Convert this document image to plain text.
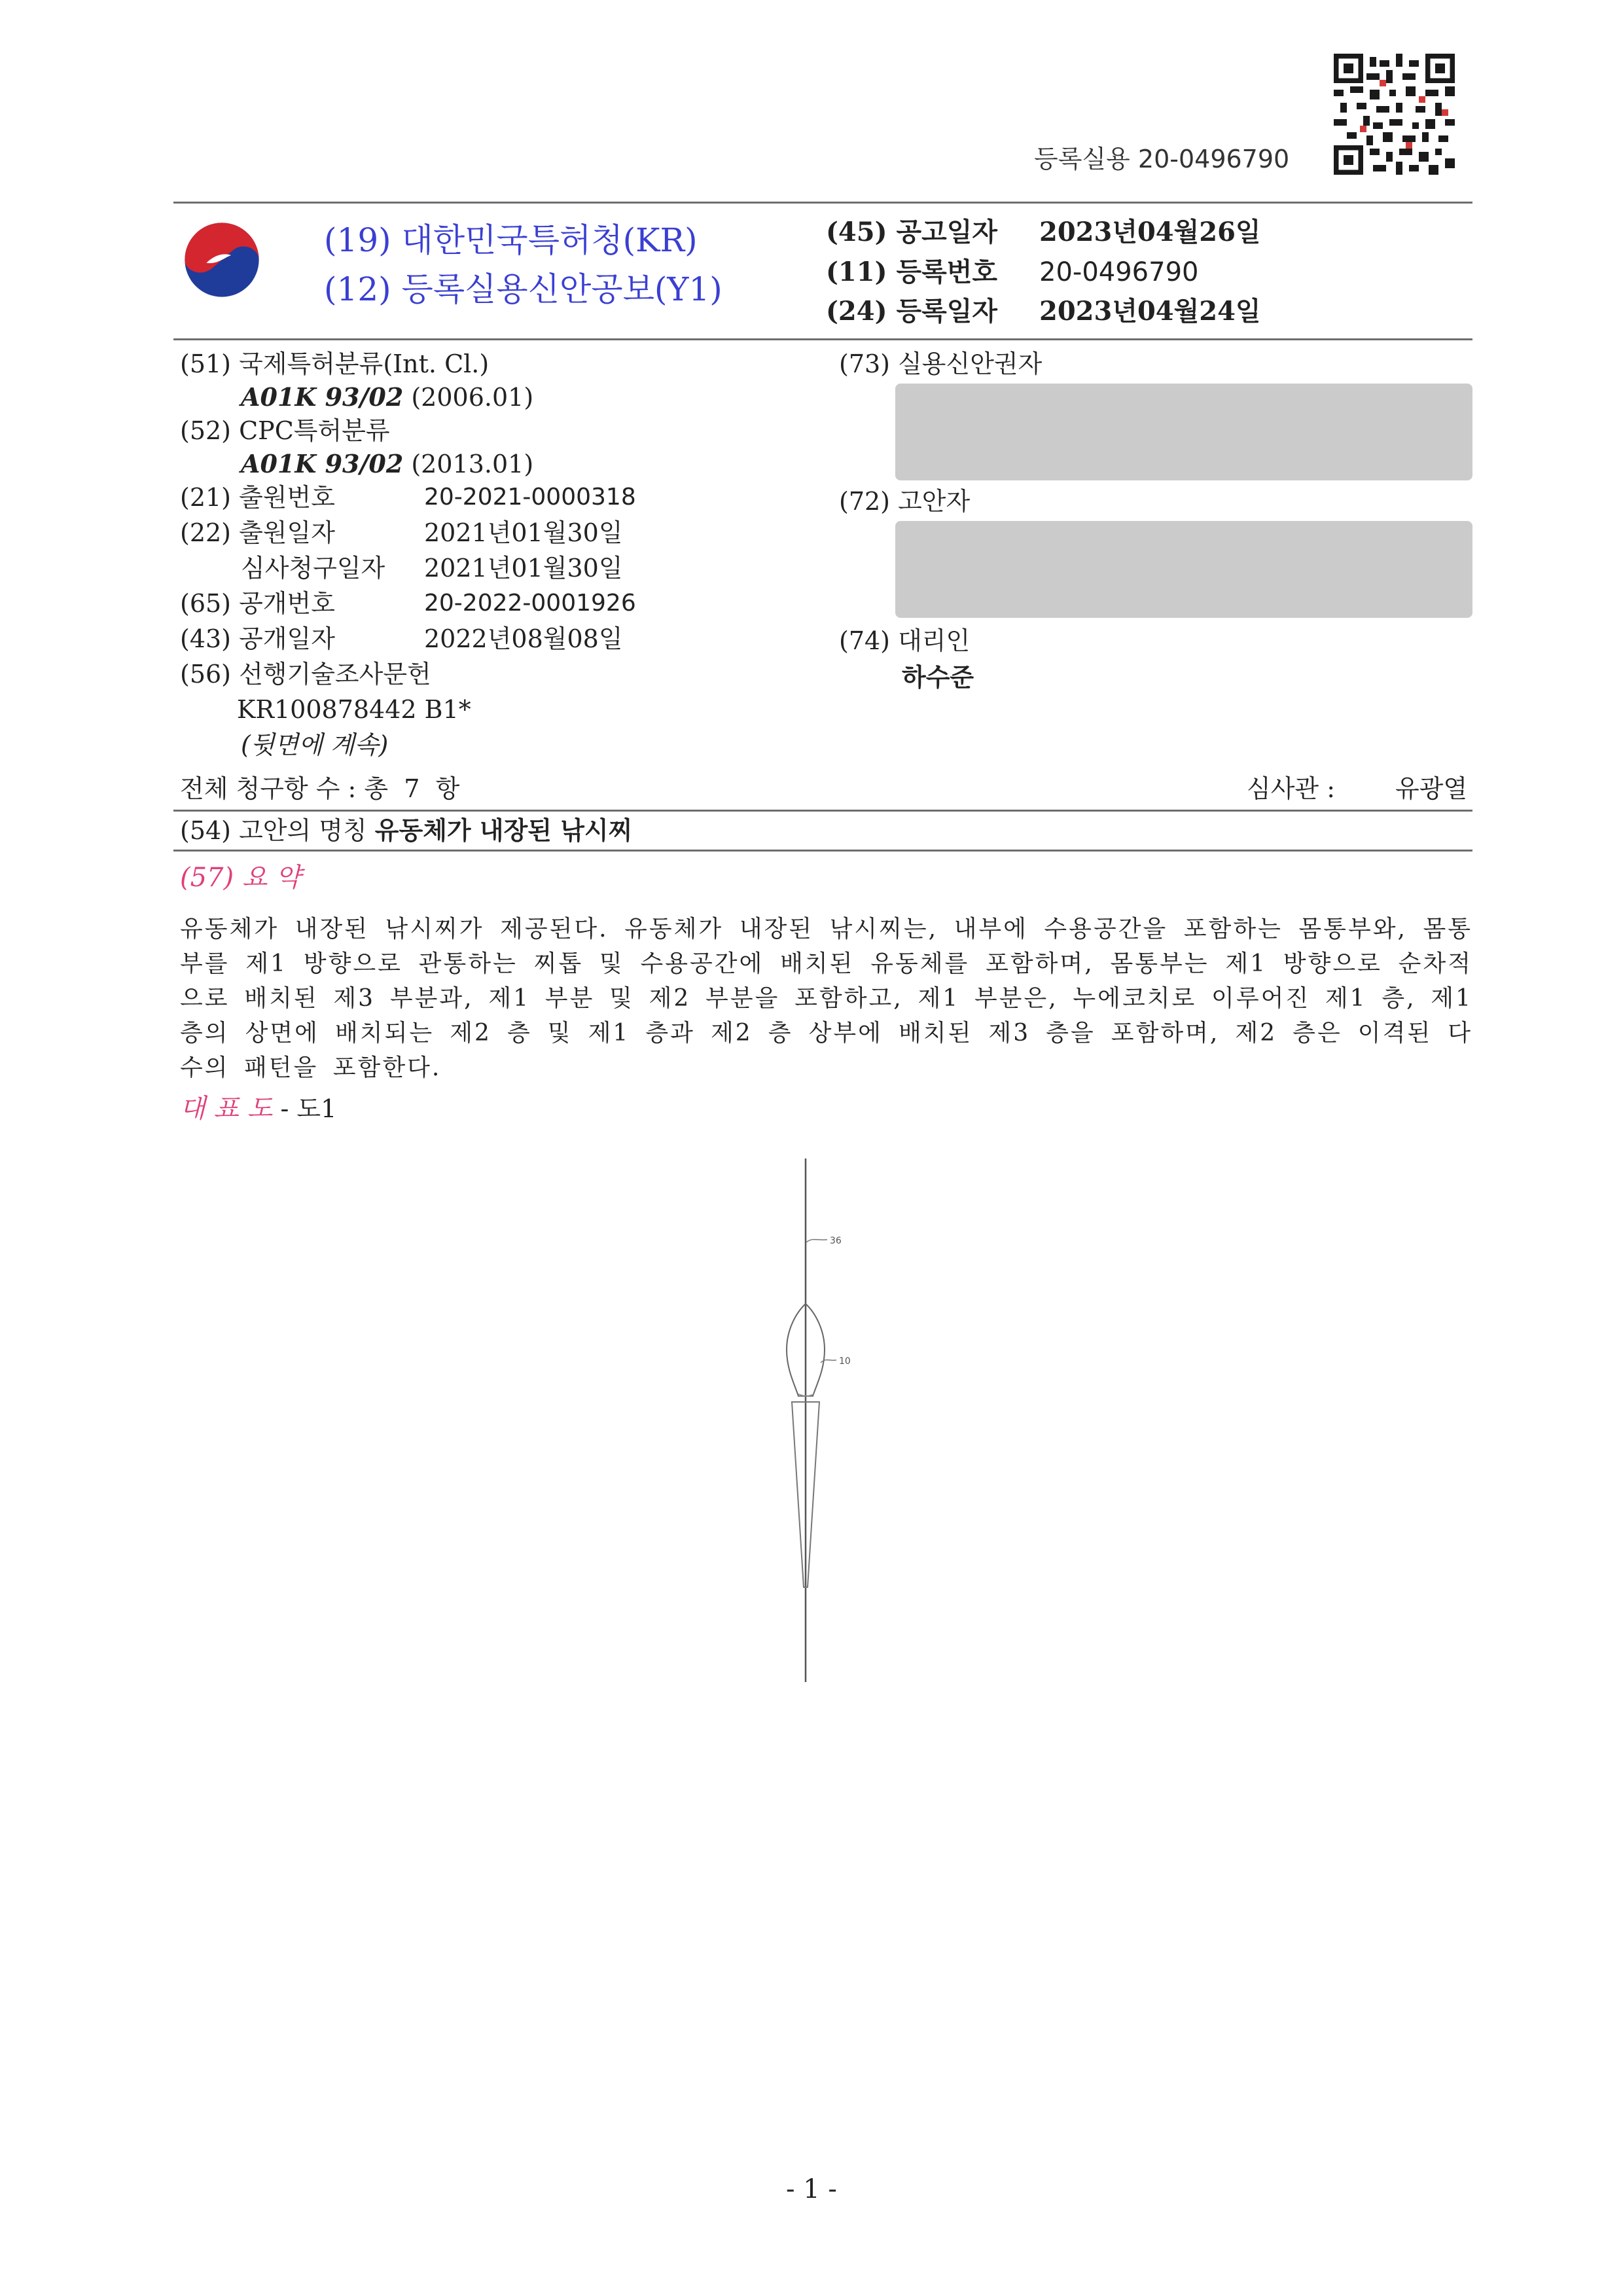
등록실용 20-0496790
(19) 대한민국특허청(KR)
(12) 등록실용신안공보(Y1)
(45) 공고일자 2023년04월26일
(11) 등록번호 20-0496790
(24) 등록일자 2023년04월24일
(51) 국제특허분류(Int. Cl.)
A01K 93/02 (2006.01)
(52) CPC특허분류
A01K 93/02 (2013.01)
(21) 출원번호	20-2021-0000318
(22) 출원일자	2021년01월30일
심사청구일자 2021년01월30일
(65) 공개번호	20-2022-0001926
(43) 공개일자	2022년08월08일
(56) 선행기술조사문헌
KR100878442 B1*
(뒷면에 계속)
(73) 실용신안권자
(72) 고안자
(74) 대리인
하수준
전체 청구항 수 : 총  7  항	심사관 : 유광열
(54) 고안의 명칭 유동체가 내장된 낚시찌
(57) 요 약
유동체가 내장된 낚시찌가 제공된다. 유동체가 내장된 낚시찌는, 내부에 수용공간을 포함하는 몸통부와, 몸통부를 제1 방향으로 관통하는 찌톱 및 수용공간에 배치된 유동체를 포함하며, 몸통부는 제1 방향으로 순차적으로 배치된 제3 부분과, 제1 부분 및 제2 부분을 포함하고, 제1 부분은, 누에코치로 이루어진 제1 층, 제1 층의 상면에 배치되는 제2 층 및 제1 층과 제2 층 상부에 배치된 제3 층을 포함하며, 제2 층은 이격된 다수의 패턴을 포함한다.
대 표 도 - 도1
36
10
- 1 -
